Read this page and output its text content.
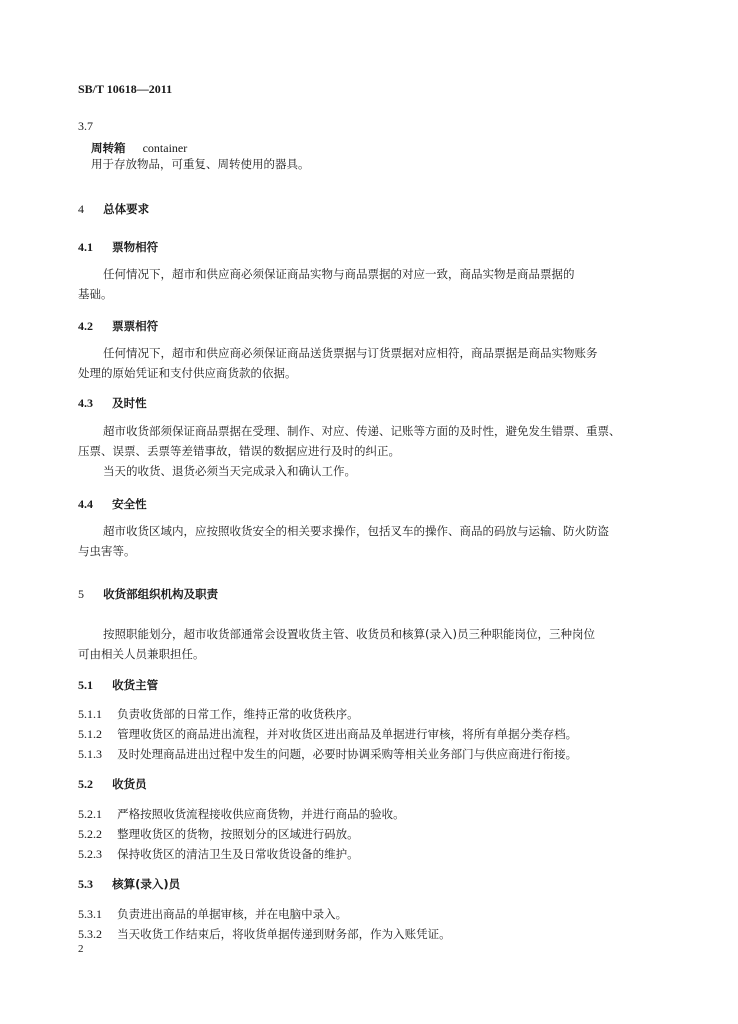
SB/T 10618—2011
3.7
周转箱 container
用于存放物品，可重复、周转使用的器具。
4 总体要求
4.1 票物相符
任何情况下，超市和供应商必须保证商品实物与商品票据的对应一致，商品实物是商品票据的
基础。
4.2 票票相符
任何情况下，超市和供应商必须保证商品送货票据与订货票据对应相符，商品票据是商品实物账务
处理的原始凭证和支付供应商货款的依据。
4.3 及时性
超市收货部须保证商品票据在受理、制作、对应、传递、记账等方面的及时性，避免发生错票、重票、
压票、误票、丢票等差错事故，错误的数据应进行及时的纠正。
当天的收货、退货必须当天完成录入和确认工作。
4.4 安全性
超市收货区域内，应按照收货安全的相关要求操作，包括叉车的操作、商品的码放与运输、防火防盗
与虫害等。
5 收货部组织机构及职责
按照职能划分，超市收货部通常会设置收货主管、收货员和核算(录入)员三种职能岗位，三种岗位
可由相关人员兼职担任。
5.1 收货主管
5.1.1 负责收货部的日常工作，维持正常的收货秩序。
5.1.2 管理收货区的商品进出流程，并对收货区进出商品及单据进行审核，将所有单据分类存档。
5.1.3 及时处理商品进出过程中发生的问题，必要时协调采购等相关业务部门与供应商进行衔接。
5.2 收货员
5.2.1 严格按照收货流程接收供应商货物，并进行商品的验收。
5.2.2 整理收货区的货物，按照划分的区域进行码放。
5.2.3 保持收货区的清洁卫生及日常收货设备的维护。
5.3 核算(录入)员
5.3.1 负责进出商品的单据审核，并在电脑中录入。
5.3.2 当天收货工作结束后，将收货单据传递到财务部，作为入账凭证。
2
